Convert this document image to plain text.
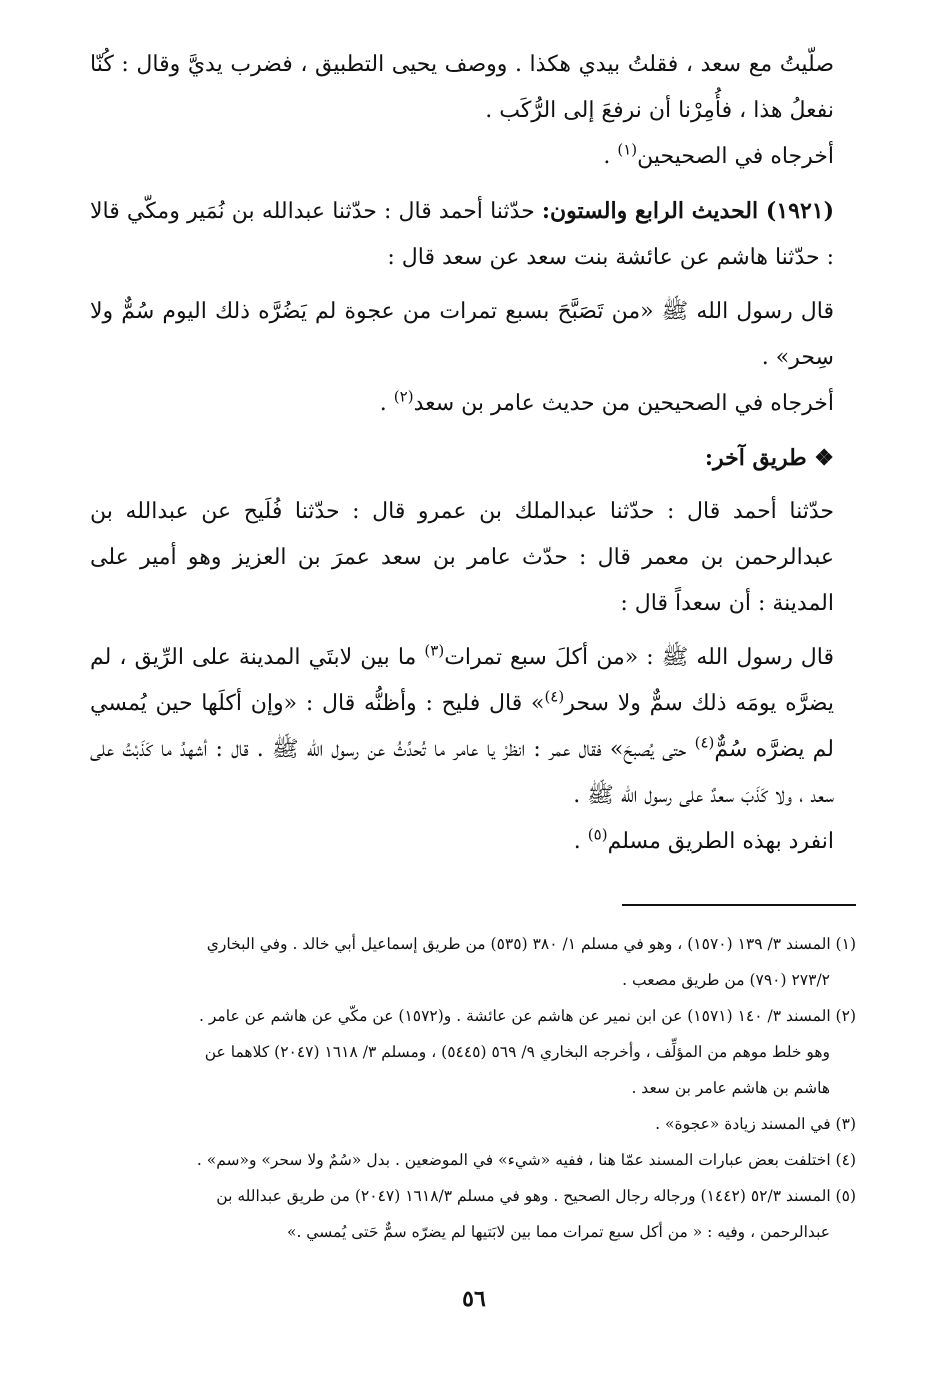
صلّيتُ مع سعد ، فقلتُ بيدي هكذا . ووصف يحيى التطبيق ، فضرب يديَّ وقال : كُنّا نفعلُ هذا ، فأُمِرْنا أن نرفعَ إلى الرُّكَب .

أخرجاه في الصحيحين$^{(١)}$ .

(١٩٢١) الحديث الرابع والستون: حدّثنا أحمد قال : حدّثنا عبدالله بن نُمَير ومكّي قالا : حدّثنا هاشم عن عائشة بنت سعد عن سعد قال :

قال رسول الله ﷺ «من تَصَبَّحَ بسبع تمرات من عجوة لم يَضُرَّه ذلك اليوم سُمٌّ ولا سِحر» .

أخرجاه في الصحيحين من حديث عامر بن سعد$^{(٢)}$ .

❖ طريق آخر:

حدّثنا أحمد قال : حدّثنا عبدالملك بن عمرو قال : حدّثنا فُلَيح عن عبدالله بن عبدالرحمن بن معمر قال : حدّث عامر بن سعد عمرَ بن العزيز وهو أمير على المدينة : أن سعداً قال :

قال رسول الله ﷺ : «من أكلَ سبع تمرات$^{(٣)}$ ما بين لابتَي المدينة على الرِّيق ، لم يضرَّه يومَه ذلك سمٌّ ولا سحر$^{(٤)}$» قال فليح : وأظنُّه قال : «وإن أكلَها حين يُمسي لم يضرَّه سُمٌّ$^{(٤)}$ حتى يُصبحَ» فقال عمر : انظرْ يا عامر ما تُحدِّثُ عن رسول الله ﷺ . قال : أشهدُ ما كَذَبْتُ على سعد ، ولا كَذَبَ سعدٌ على رسول الله ﷺ .

انفرد بهذه الطريق مسلم$^{(٥)}$ .

(١) المسند ٣/ ١٣٩ (١٥٧٠) ، وهو في مسلم ١/ ٣٨٠ (٥٣٥) من طريق إسماعيل أبي خالد . وفي البخاري

٢٧٣/٢ (٧٩٠) من طريق مصعب .

(٢) المسند ٣/ ١٤٠ (١٥٧١) عن ابن نمير عن هاشم عن عائشة . و(١٥٧٢) عن مكّي عن هاشم عن عامر .

وهو خلط موهم من المؤلِّف ، وأخرجه البخاري ٩/ ٥٦٩ (٥٤٤٥) ، ومسلم ٣/ ١٦١٨ (٢٠٤٧) كلاهما عن

هاشم بن هاشم عامر بن سعد .

(٣) في المسند زيادة «عجوة» .

(٤) اختلفت بعض عبارات المسند عمّا هنا ، ففيه «شيء» في الموضعين . بدل «سُمٌ ولا سحر» و«سم» .

(٥) المسند ٥٢/٣ (١٤٤٢) ورجاله رجال الصحيح . وهو في مسلم ١٦١٨/٣ (٢٠٤٧) من طريق عبدالله بن

عبدالرحمن ، وفيه : « من أكل سبع تمرات مما بين لابَتيها لم يضرّه سمٌّ حَتى يُمسي .»

٥٦
